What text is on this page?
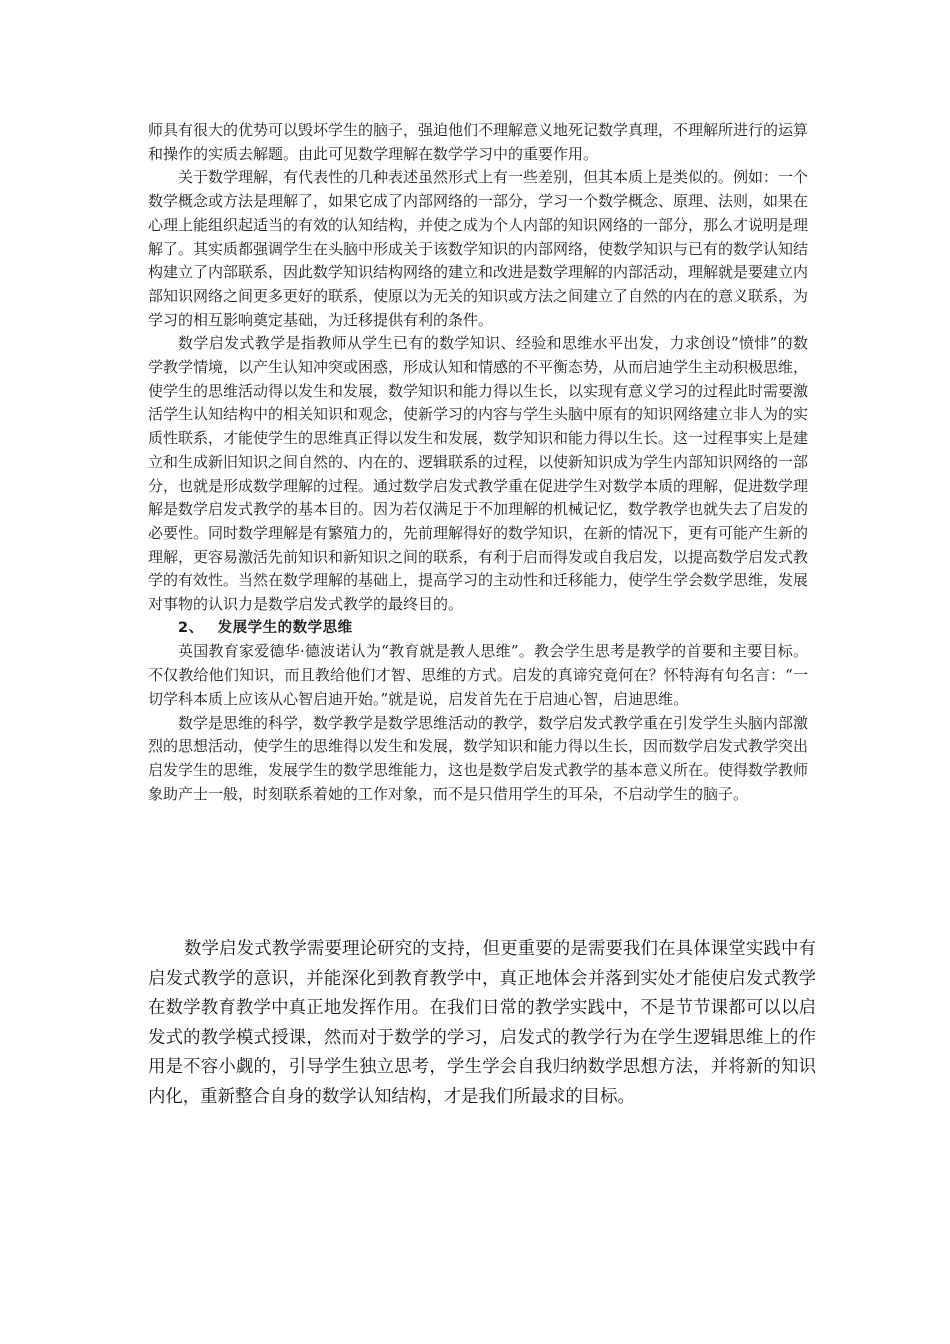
师具有很大的优势可以毁坏学生的脑子，强迫他们不理解意义地死记数学真理，不理解所进行的运算和操作的实质去解题。由此可见数学理解在数学学习中的重要作用。

关于数学理解，有代表性的几种表述虽然形式上有一些差别，但其本质上是类似的。例如：一个数学概念或方法是理解了，如果它成了内部网络的一部分，学习一个数学概念、原理、法则，如果在心理上能组织起适当的有效的认知结构，并使之成为个人内部的知识网络的一部分，那么才说明是理解了。其实质都强调学生在头脑中形成关于该数学知识的内部网络，使数学知识与已有的数学认知结构建立了内部联系，因此数学知识结构网络的建立和改进是数学理解的内部活动，理解就是要建立内部知识网络之间更多更好的联系，使原以为无关的知识或方法之间建立了自然的内在的意义联系，为学习的相互影响奠定基础，为迁移提供有利的条件。

数学启发式教学是指教师从学生已有的数学知识、经验和思维水平出发，力求创设“愤悱”的数学教学情境，以产生认知冲突或困惑，形成认知和情感的不平衡态势，从而启迪学生主动积极思维，使学生的思维活动得以发生和发展，数学知识和能力得以生长，以实现有意义学习的过程此时需要激活学生认知结构中的相关知识和观念，使新学习的内容与学生头脑中原有的知识网络建立非人为的实质性联系，才能使学生的思维真正得以发生和发展，数学知识和能力得以生长。这一过程事实上是建立和生成新旧知识之间自然的、内在的、逻辑联系的过程，以使新知识成为学生内部知识网络的一部分，也就是形成数学理解的过程。通过数学启发式教学重在促进学生对数学本质的理解，促进数学理解是数学启发式教学的基本目的。因为若仅满足于不加理解的机械记忆，数学教学也就失去了启发的必要性。同时数学理解是有繁殖力的，先前理解得好的数学知识，在新的情况下，更有可能产生新的理解，更容易激活先前知识和新知识之间的联系，有利于启而得发或自我启发，以提高数学启发式教学的有效性。当然在数学理解的基础上，提高学习的主动性和迁移能力，使学生学会数学思维，发展对事物的认识力是数学启发式教学的最终目的。

2、 发展学生的数学思维

英国教育家爱德华·德波诺认为“教育就是教人思维”。教会学生思考是教学的首要和主要目标。不仅教给他们知识，而且教给他们才智、思维的方式。启发的真谛究竟何在？怀特海有句名言：“一切学科本质上应该从心智启迪开始。”就是说，启发首先在于启迪心智，启迪思维。

数学是思维的科学，数学教学是数学思维活动的教学，数学启发式教学重在引发学生头脑内部激烈的思想活动，使学生的思维得以发生和发展，数学知识和能力得以生长，因而数学启发式教学突出启发学生的思维，发展学生的数学思维能力，这也是数学启发式教学的基本意义所在。使得数学教师象助产士一般，时刻联系着她的工作对象，而不是只借用学生的耳朵，不启动学生的脑子。

数学启发式教学需要理论研究的支持，但更重要的是需要我们在具体课堂实践中有启发式教学的意识，并能深化到教育教学中，真正地体会并落到实处才能使启发式教学在数学教育教学中真正地发挥作用。在我们日常的教学实践中，不是节节课都可以以启发式的教学模式授课，然而对于数学的学习，启发式的教学行为在学生逻辑思维上的作用是不容小觑的，引导学生独立思考，学生学会自我归纳数学思想方法，并将新的知识内化，重新整合自身的数学认知结构，才是我们所最求的目标。
